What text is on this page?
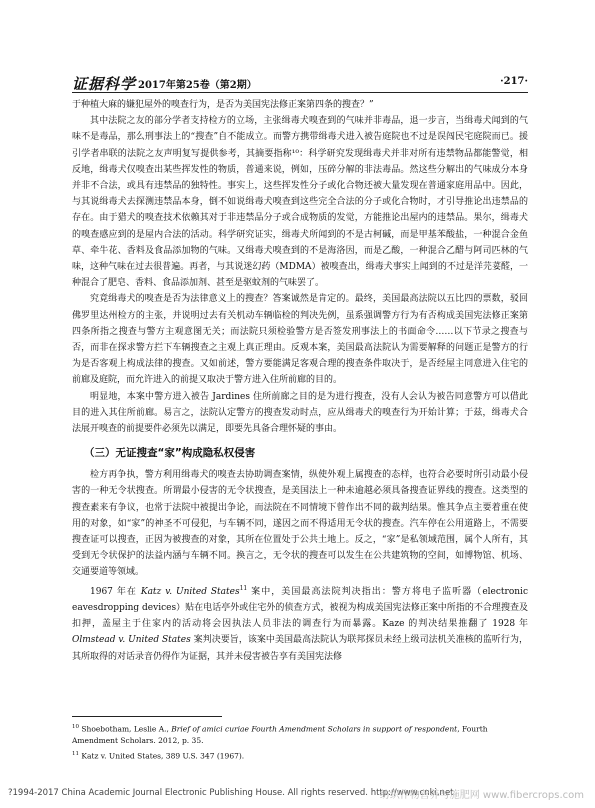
证据科学 2017年第25卷（第2期）	·217·

于种植大麻的嫌犯屋外的嗅查行为，是否为美国宪法修正案第四条的搜查？”

其中法院之友的部分学者支持检方的立场，主张缉毒犬嗅查到的气味并非毒品，退一步言，当缉毒犬闻到的气味不是毒品，那么刑事法上的“搜查”自不能成立。而警方携带缉毒犬进入被告庭院也不过是误闯民宅庭院而已。援引学者串联的法院之友声明复写提供参考，其摘要指称¹⁰：科学研究发现缉毒犬并非对所有违禁物品都能警觉，相反地，缉毒犬仅嗅查出某些挥发性的物质，普通来说，例如，压碎分解的非法毒品。然这些分解出的气味成分本身并非不合法，或具有违禁品的独特性。事实上，这些挥发性分子或化合物还被大量发现在普通家庭用品中。因此，与其说缉毒犬去探测违禁品本身，倒不如说缉毒犬嗅查到这些完全合法的分子或化合物时，才引导推论出违禁品的存在。由于猎犬的嗅查技术依赖其对于非违禁品分子或合成物质的发觉，方能推论出屋内的违禁品。果尔，缉毒犬的嗅查感应到的是屋内合法的活动。科学研究证实，缉毒犬所闻到的不是古柯碱，而是甲基苯酸盐，一种混合金鱼草、牵牛花、香料及食品添加物的气味。又缉毒犬嗅查到的不是海洛因，而是乙酸，一种混合乙醋与阿司匹林的气味，这种气味在过去很普遍。再者，与其说迷幻药（MDMA）被嗅查出，缉毒犬事实上闻到的不过是洋芫荽醛，一种混合了肥皂、香料、食品添加剂、甚至是驱蚊剂的气味罢了。

究竟缉毒犬的嗅查是否为法律意义上的搜查？答案诚然是肯定的。最终，美国最高法院以五比四的票数，驳回佛罗里达州检方的主张，并说明过去有关机动车辆临检的判决先例，虽系强调警方行为有否构成美国宪法修正案第四条所指之搜查与警方主观意图无关；而法院只须检验警方是否签发刑事法上的书面命令……以下节录之搜查与否，而非在探求警方拦下车辆搜查之主观上真正理由。反观本案，美国最高法院认为需要解释的问题正是警方的行为是否客观上构成法律的搜查。又如前述，警方要能满足客观合理的搜查条件取决于，是否经屋主同意进入住宅的前廊及庭院，而允许进入的前提又取决于警方进入住所前廊的目的。

明显地，本案中警方进入被告 Jardines 住所前廊之目的是为进行搜查，没有人会认为被告同意警方可以借此目的进入其住所前廊。易言之，法院认定警方的搜查发动时点，应从缉毒犬的嗅查行为开始计算；于兹，缉毒犬合法展开嗅查的前提要件必须先以满足，即要先具备合理怀疑的事由。

（三）无证搜查“家”构成隐私权侵害

检方再争执，警方利用缉毒犬的嗅查去协助调查案情，纵使外观上属搜查的态样，也符合必要时所引动最小侵害的一种无令状搜查。所谓最小侵害的无令状搜查，是美国法上一种未逾越必须具备搜查证界线的搜查。这类型的搜查素来有争议，也常于法院中被提出争论，而法院在不同情境下曾作出不同的裁判结果。惟其争点主要着重在使用的对象，如“家”的神圣不可侵犯，与车辆不同，遂因之而不得适用无令状的搜查。汽车停在公用道路上，不需要搜查证可以搜查，正因为被搜查的对象，其所在位置处于公共土地上。反之，“家”是私领域范围，属个人所有，其受到无令状保护的法益内涵与车辆不同。换言之，无令状的搜查可以发生在公共建筑物的空间，如博物馆、机场、交通要道等领域。

1967 年在 Katz v. United States$^{11}$ 案中，美国最高法院判决指出：警方将电子监听器（electronic eavesdropping devices）贴在电话亭外或住宅外的侦查方式，被视为构成美国宪法修正案中所指的不合理搜查及扣押，盖屋主于住家内的活动将会因执法人员非法的调查行为而暴露。Kaze 的判决结果推翻了 1928 年 Olmstead v. United States 案判决要旨，该案中美国最高法院认为联邦探员未经上级司法机关准核的监听行为，其所取得的对话录音仍得作为证据，其并未侵害被告享有美国宪法修

$^{10}$ Shoebotham, Leslie A., Brief of amici curiae Fourth Amendment Scholars in support of respondent, Fourth Amendment Scholars. 2012, p. 35.
$^{11}$ Katz v. United States, 389 U.S. 347 (1967).
?1994-2017 China Academic Journal Electronic Publishing House. All rights reserved. http://www.cnki.net
纺织作物营养与施肥网 www.fibercrops.com
